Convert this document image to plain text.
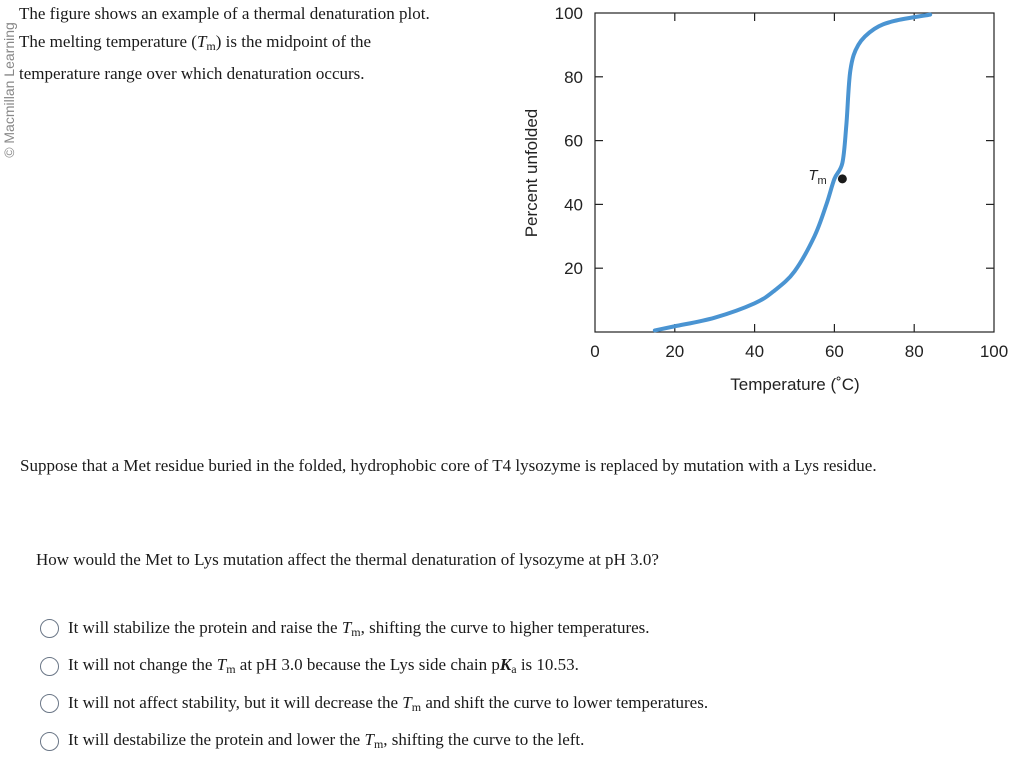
© Macmillan Learning

The figure shows an example of a thermal denaturation plot.

The melting temperature $(T_m)$ is the midpoint of the

temperature range over which denaturation occurs.

0	20	40	60	80	100
20
40
60
80
100
$T_m$
Temperature (˚C)
Percent unfolded
Suppose that a Met residue buried in the folded, hydrophobic core of T4 lysozyme is replaced by mutation with a Lys residue.
How would the Met to Lys mutation affect the thermal denaturation of lysozyme at pH 3.0?
It will stabilize the protein and raise the $T_m$, shifting the curve to higher temperatures.
It will not change the $T_m$ at pH 3.0 because the Lys side chain $pK_a$ is 10.53.
It will not affect stability, but it will decrease the $T_m$ and shift the curve to lower temperatures.
It will destabilize the protein and lower the $T_m$, shifting the curve to the left.
